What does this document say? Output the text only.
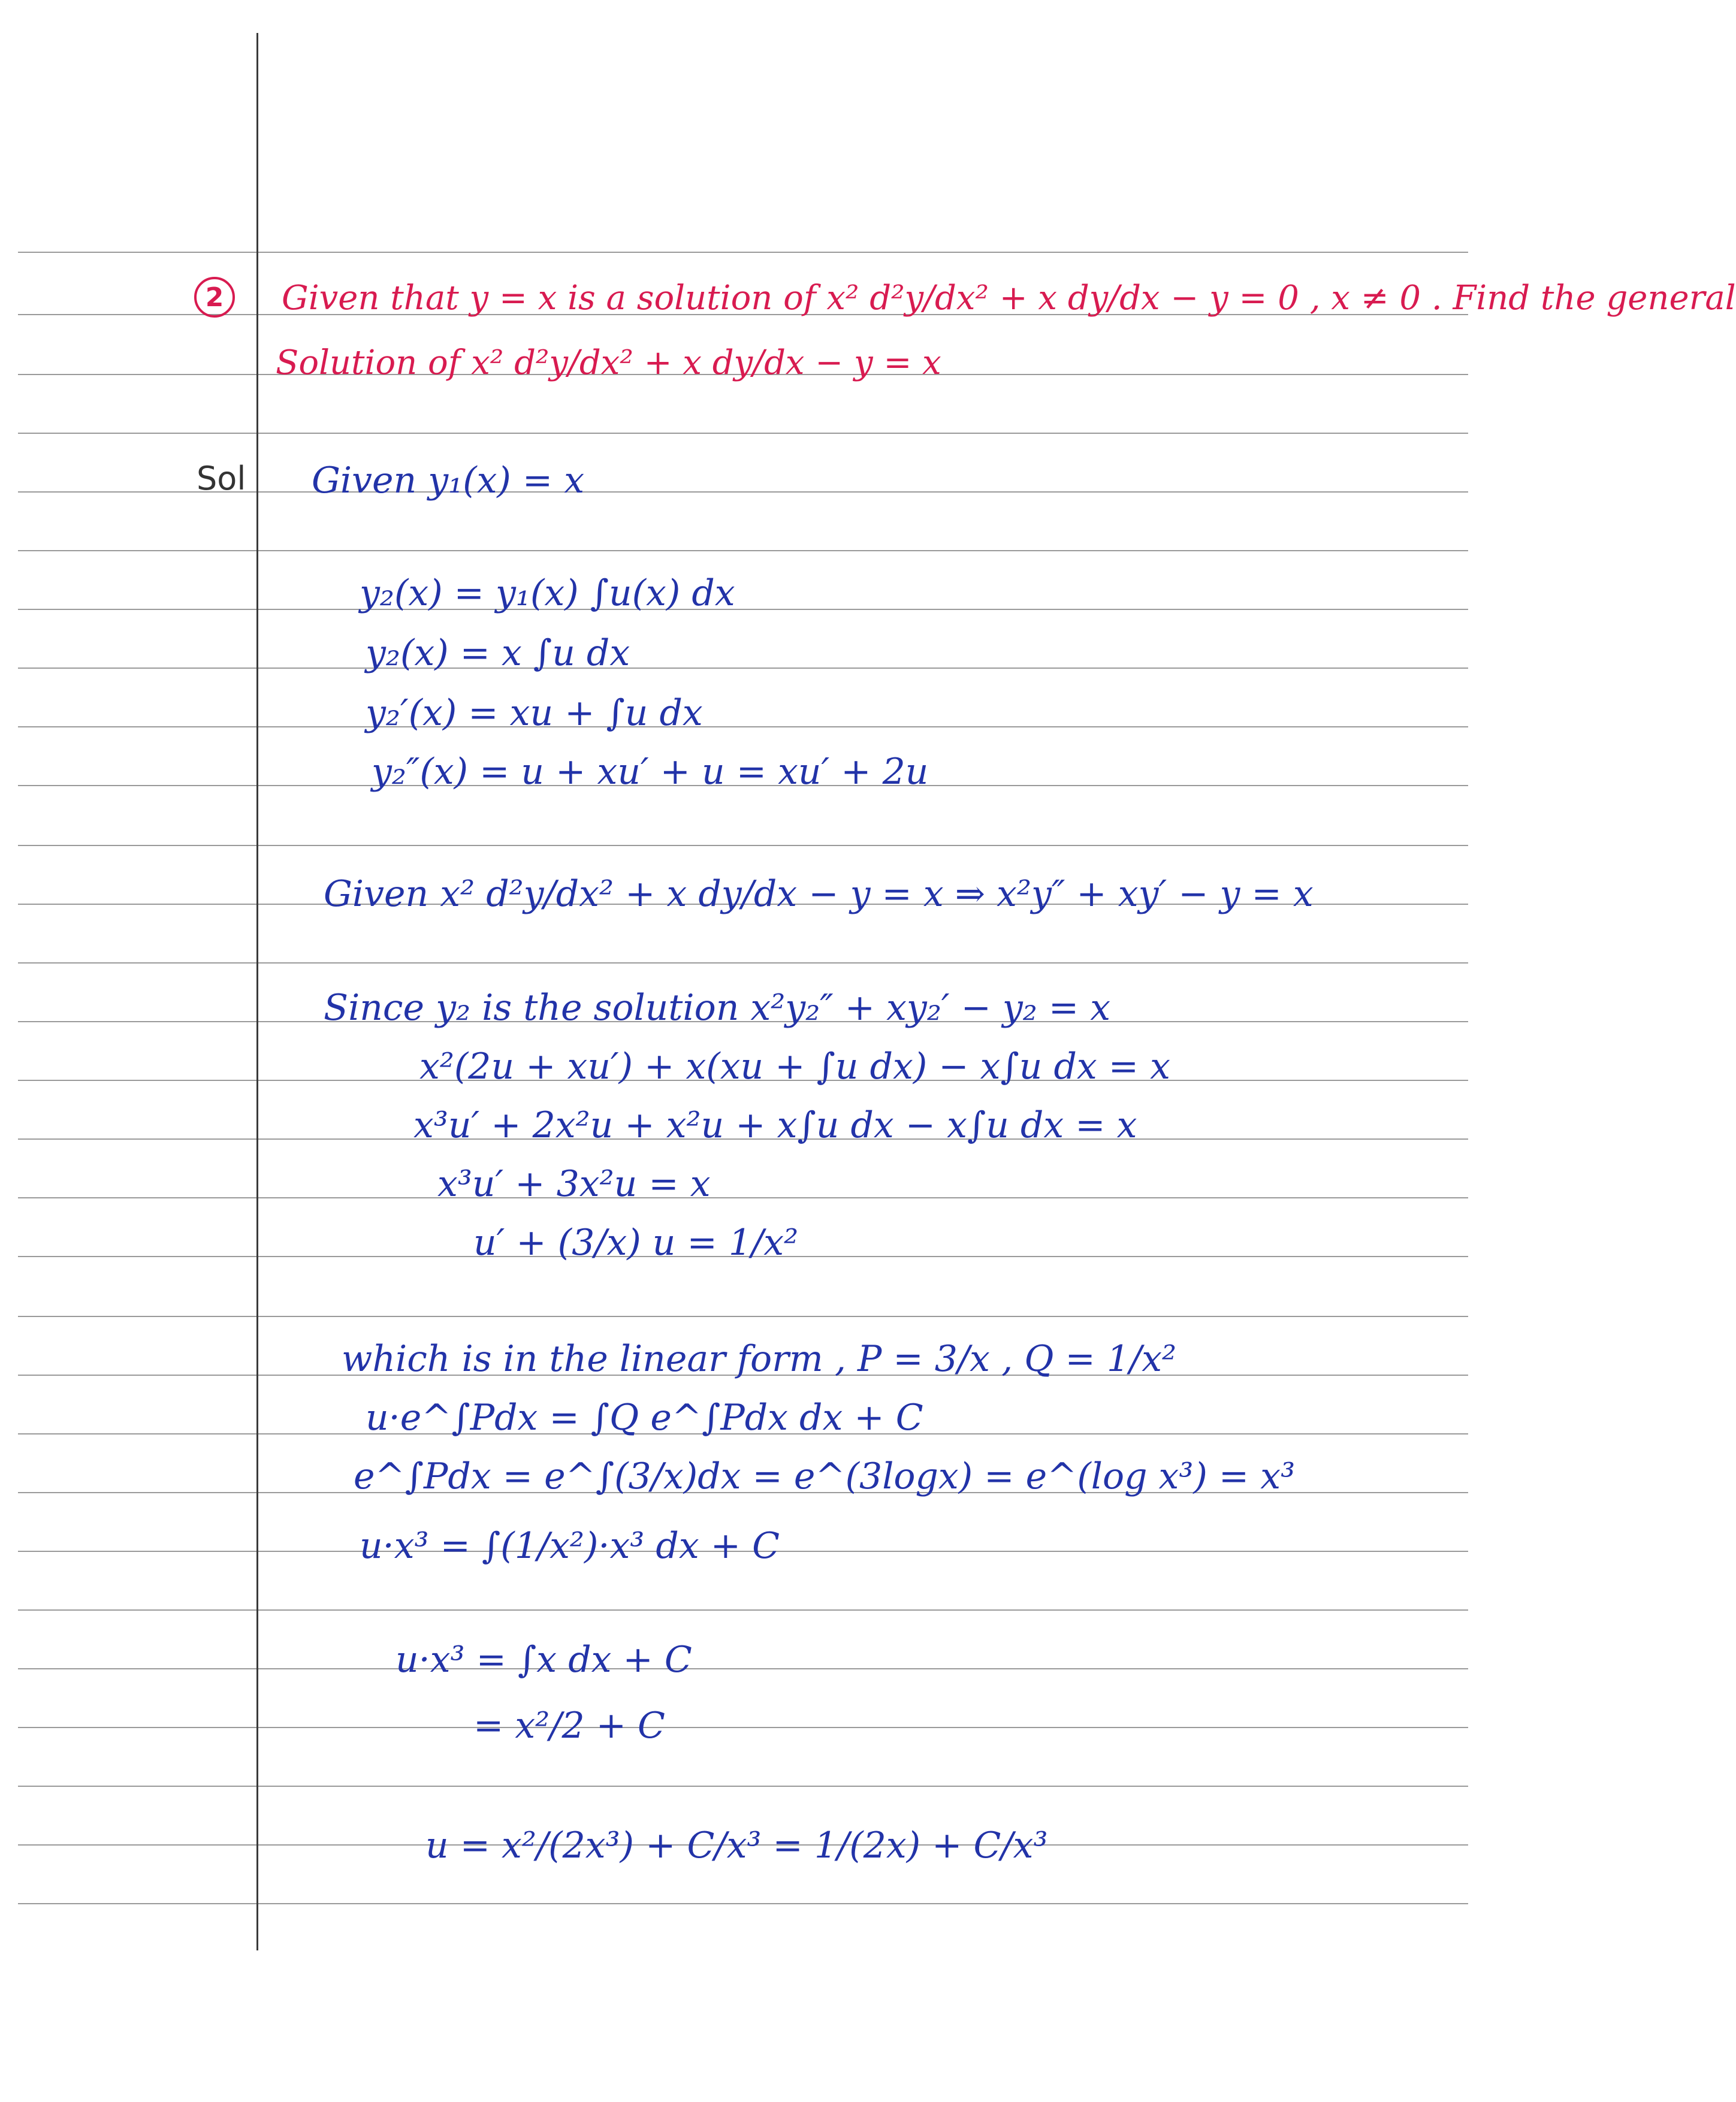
2	Given that y = x is a solution of x² d²y/dx² + x dy/dx − y = 0 , x ≠ 0 . Find the general
Solution of x² d²y/dx² + x dy/dx − y = x
Sol Given y₁(x) = x
y₂(x) = y₁(x) ∫u(x) dx
y₂(x) = x ∫u dx
y₂′(x) = xu + ∫u dx
y₂″(x) = u + xu′ + u = xu′ + 2u
Given x² d²y/dx² + x dy/dx − y = x ⇒ x²y″ + xy′ − y = x
Since y₂ is the solution x²y₂″ + xy₂′ − y₂ = x
x²(2u + xu′) + x(xu + ∫u dx) − x∫u dx = x
x³u′ + 2x²u + x²u + x∫u dx − x∫u dx = x
x³u′ + 3x²u = x
u′ + (3/x) u = 1/x²
which is in the linear form , P = 3/x , Q = 1/x²
u·e^∫Pdx = ∫Q e^∫Pdx dx + C
e^∫Pdx = e^∫(3/x)dx = e^(3logx) = e^(log x³) = x³
u·x³ = ∫(1/x²)·x³ dx + C
u·x³ = ∫x dx + C
= x²/2 + C
u = x²/(2x³) + C/x³ = 1/(2x) + C/x³
